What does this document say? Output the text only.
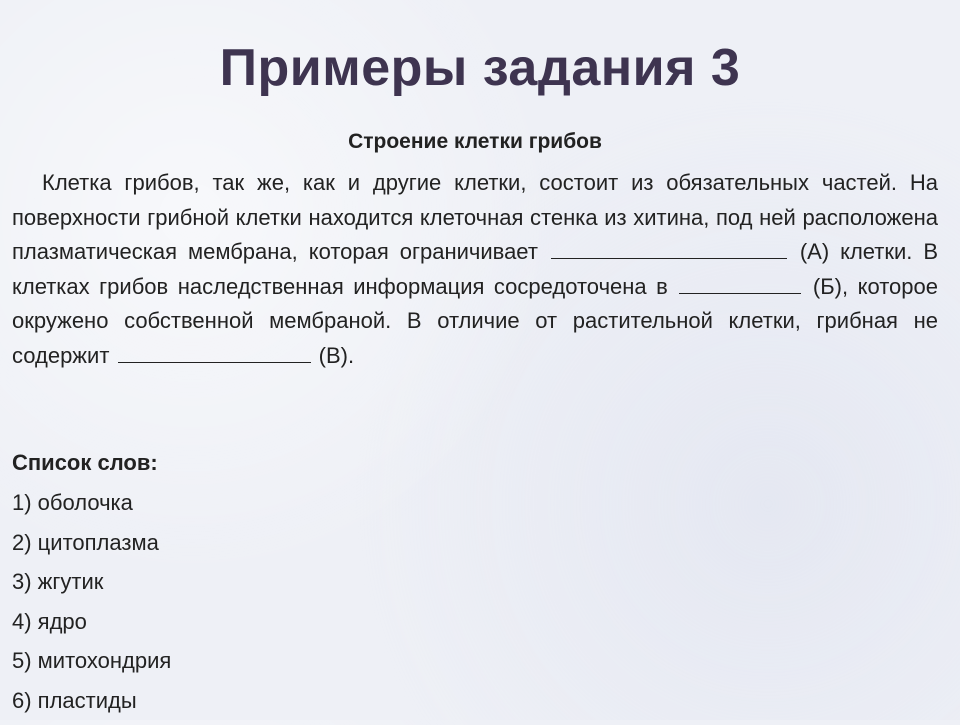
Примеры задания 3
Строение клетки грибов
Клетка грибов, так же, как и другие клетки, состоит из обязательных частей. На поверхности грибной клетки находится клеточная стенка из хитина, под ней расположена плазматическая мембрана, которая ограничивает	(А) клетки. В клетках грибов наследственная информация сосредоточена в	(Б), которое окружено собственной мембраной. В отличие от растительной клетки, грибная не содержит	(В).
Список слов:
1) оболочка
2) цитоплазма
3) жгутик
4) ядро
5) митохондрия
6) пластиды
